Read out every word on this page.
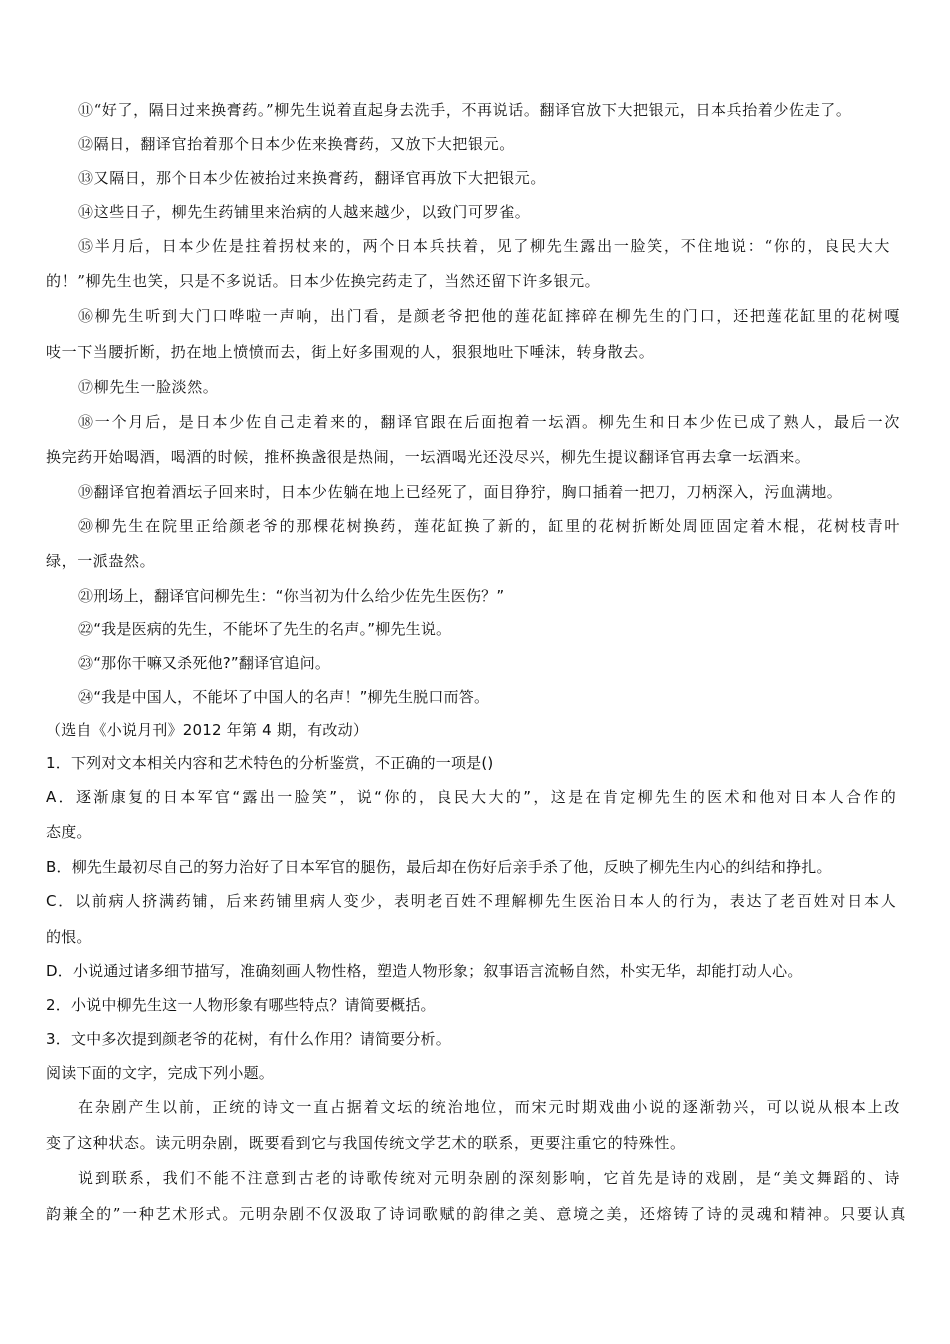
⑪“好了，隔日过来换膏药。”柳先生说着直起身去洗手，不再说话。翻译官放下大把银元，日本兵抬着少佐走了。
⑫隔日，翻译官抬着那个日本少佐来换膏药，又放下大把银元。
⑬又隔日，那个日本少佐被抬过来换膏药，翻译官再放下大把银元。
⑭这些日子，柳先生药铺里来治病的人越来越少，以致门可罗雀。
⑮半月后，日本少佐是拄着拐杖来的，两个日本兵扶着，见了柳先生露出一脸笑，不住地说：“你的，良民大大
的！”柳先生也笑，只是不多说话。日本少佐换完药走了，当然还留下许多银元。
⑯柳先生听到大门口哗啦一声响，出门看，是颜老爷把他的莲花缸摔碎在柳先生的门口，还把莲花缸里的花树嘎
吱一下当腰折断，扔在地上愤愤而去，街上好多围观的人，狠狠地吐下唾沫，转身散去。
⑰柳先生一脸淡然。
⑱一个月后，是日本少佐自己走着来的，翻译官跟在后面抱着一坛酒。柳先生和日本少佐已成了熟人，最后一次
换完药开始喝酒，喝酒的时候，推杯换盏很是热闹，一坛酒喝光还没尽兴，柳先生提议翻译官再去拿一坛酒来。
⑲翻译官抱着酒坛子回来时，日本少佐躺在地上已经死了，面目狰狞，胸口插着一把刀，刀柄深入，污血满地。
⑳柳先生在院里正给颜老爷的那棵花树换药，莲花缸换了新的，缸里的花树折断处周匝固定着木棍，花树枝青叶
绿，一派盎然。
㉑刑场上，翻译官问柳先生：“你当初为什么给少佐先生医伤？”
㉒“我是医病的先生，不能坏了先生的名声。”柳先生说。
㉓“那你干嘛又杀死他?”翻译官追问。
㉔“我是中国人，不能坏了中国人的名声！”柳先生脱口而答。
（选自《小说月刊》2012 年第 4 期，有改动）
1．下列对文本相关内容和艺术特色的分析鉴赏，不正确的一项是()
A．逐渐康复的日本军官“露出一脸笑”，说“你的，良民大大的”，这是在肯定柳先生的医术和他对日本人合作的
态度。
B．柳先生最初尽自己的努力治好了日本军官的腿伤，最后却在伤好后亲手杀了他，反映了柳先生内心的纠结和挣扎。
C．以前病人挤满药铺，后来药铺里病人变少，表明老百姓不理解柳先生医治日本人的行为，表达了老百姓对日本人
的恨。
D．小说通过诸多细节描写，准确刻画人物性格，塑造人物形象；叙事语言流畅自然，朴实无华，却能打动人心。
2．小说中柳先生这一人物形象有哪些特点？请简要概括。
3．文中多次提到颜老爷的花树，有什么作用？请简要分析。
阅读下面的文字，完成下列小题。
在杂剧产生以前，正统的诗文一直占据着文坛的统治地位，而宋元时期戏曲小说的逐渐勃兴，可以说从根本上改
变了这种状态。读元明杂剧，既要看到它与我国传统文学艺术的联系，更要注重它的特殊性。
说到联系，我们不能不注意到古老的诗歌传统对元明杂剧的深刻影响，它首先是诗的戏剧，是“美文舞蹈的、诗
韵兼全的”一种艺术形式。元明杂剧不仅汲取了诗词歌赋的韵律之美、意境之美，还熔铸了诗的灵魂和精神。只要认真
